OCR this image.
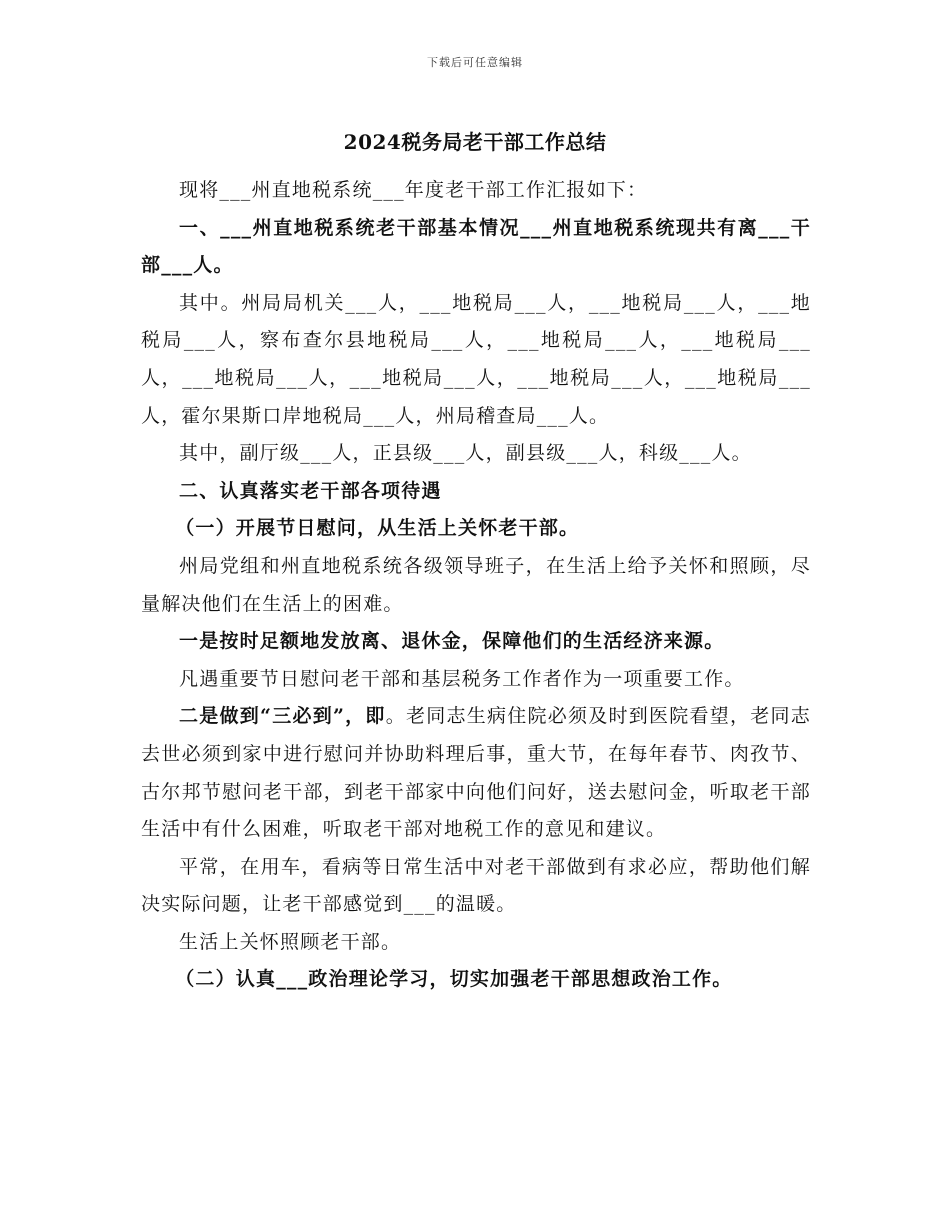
下载后可任意编辑
2024税务局老干部工作总结

现将___州直地税系统___年度老干部工作汇报如下：

一、___州直地税系统老干部基本情况___州直地税系统现共有离___干部___人。

其中。州局局机关___人，___地税局___人，___地税局___人，___地税局___人，察布查尔县地税局___人，___地税局___人，___地税局___人，___地税局___人，___地税局___人，___地税局___人，___地税局___人，霍尔果斯口岸地税局___人，州局稽查局___人。

其中，副厅级___人，正县级___人，副县级___人，科级___人。

二、认真落实老干部各项待遇

（一）开展节日慰问，从生活上关怀老干部。

州局党组和州直地税系统各级领导班子，在生活上给予关怀和照顾，尽量解决他们在生活上的困难。

一是按时足额地发放离、退休金，保障他们的生活经济来源。

凡遇重要节日慰问老干部和基层税务工作者作为一项重要工作。

二是做到“三必到”，即。老同志生病住院必须及时到医院看望，老同志去世必须到家中进行慰问并协助料理后事，重大节，在每年春节、肉孜节、古尔邦节慰问老干部，到老干部家中向他们问好，送去慰问金，听取老干部生活中有什么困难，听取老干部对地税工作的意见和建议。

平常，在用车，看病等日常生活中对老干部做到有求必应，帮助他们解决实际问题，让老干部感觉到___的温暖。

生活上关怀照顾老干部。

（二）认真___政治理论学习，切实加强老干部思想政治工作。
